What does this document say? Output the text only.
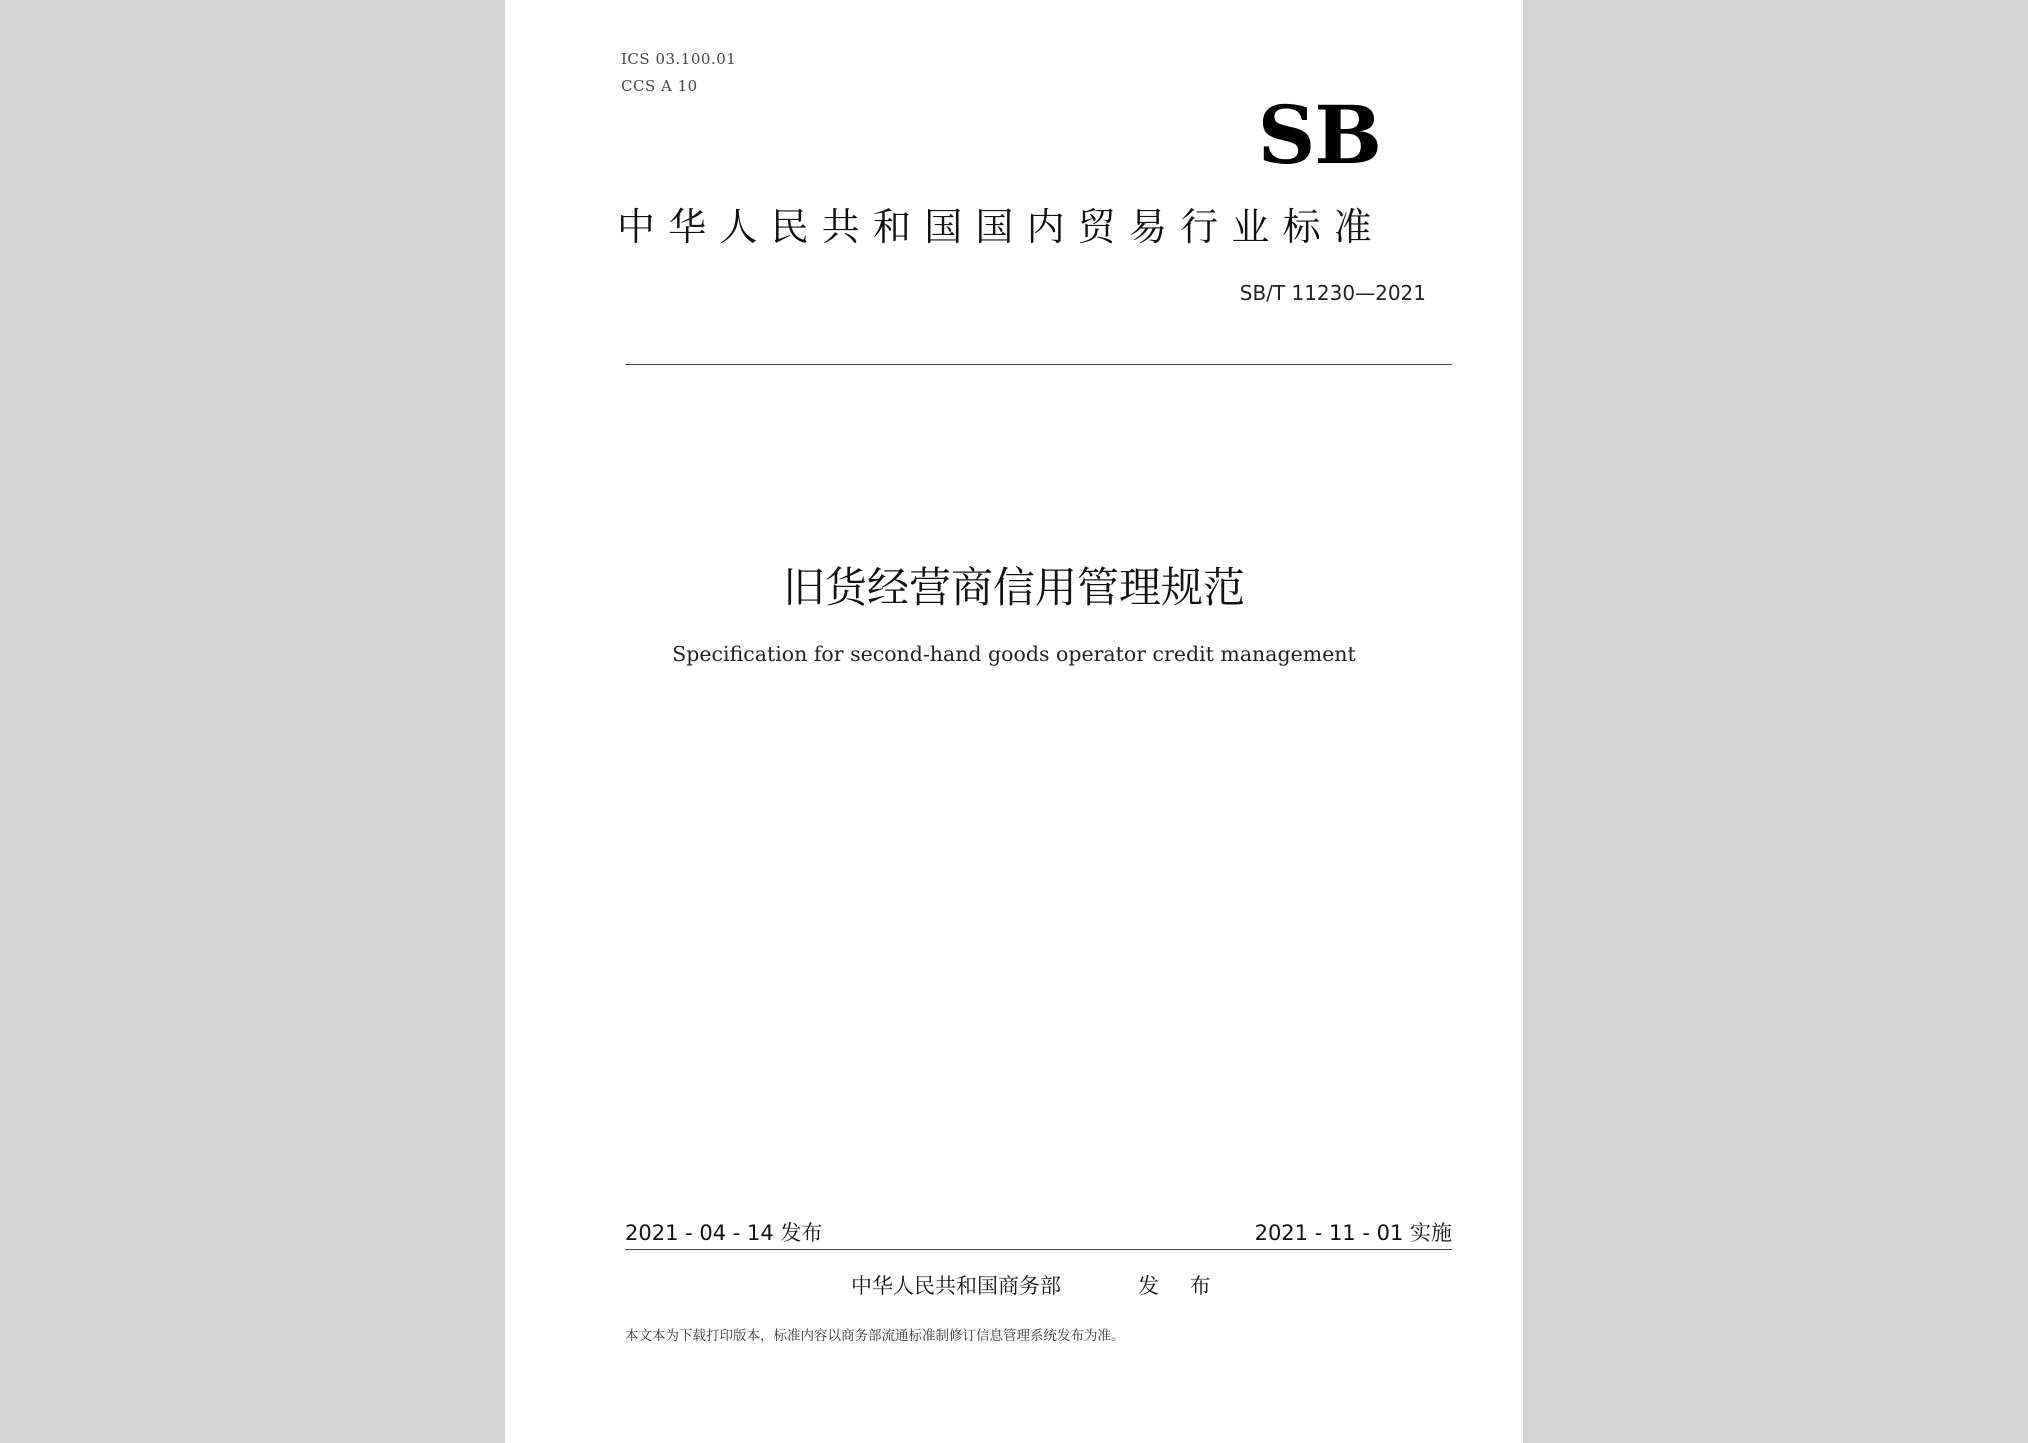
ICS 03.100.01
CCS A 10
SB
中华人民共和国国内贸易行业标准
SB/T 11230—2021
旧货经营商信用管理规范
Specification for second-hand goods operator credit management
2021 - 04 - 14 发布	2021 - 11 - 01 实施
中华人民共和国商务部	发 布
本文本为下载打印版本，标准内容以商务部流通标准制修订信息管理系统发布为准。
